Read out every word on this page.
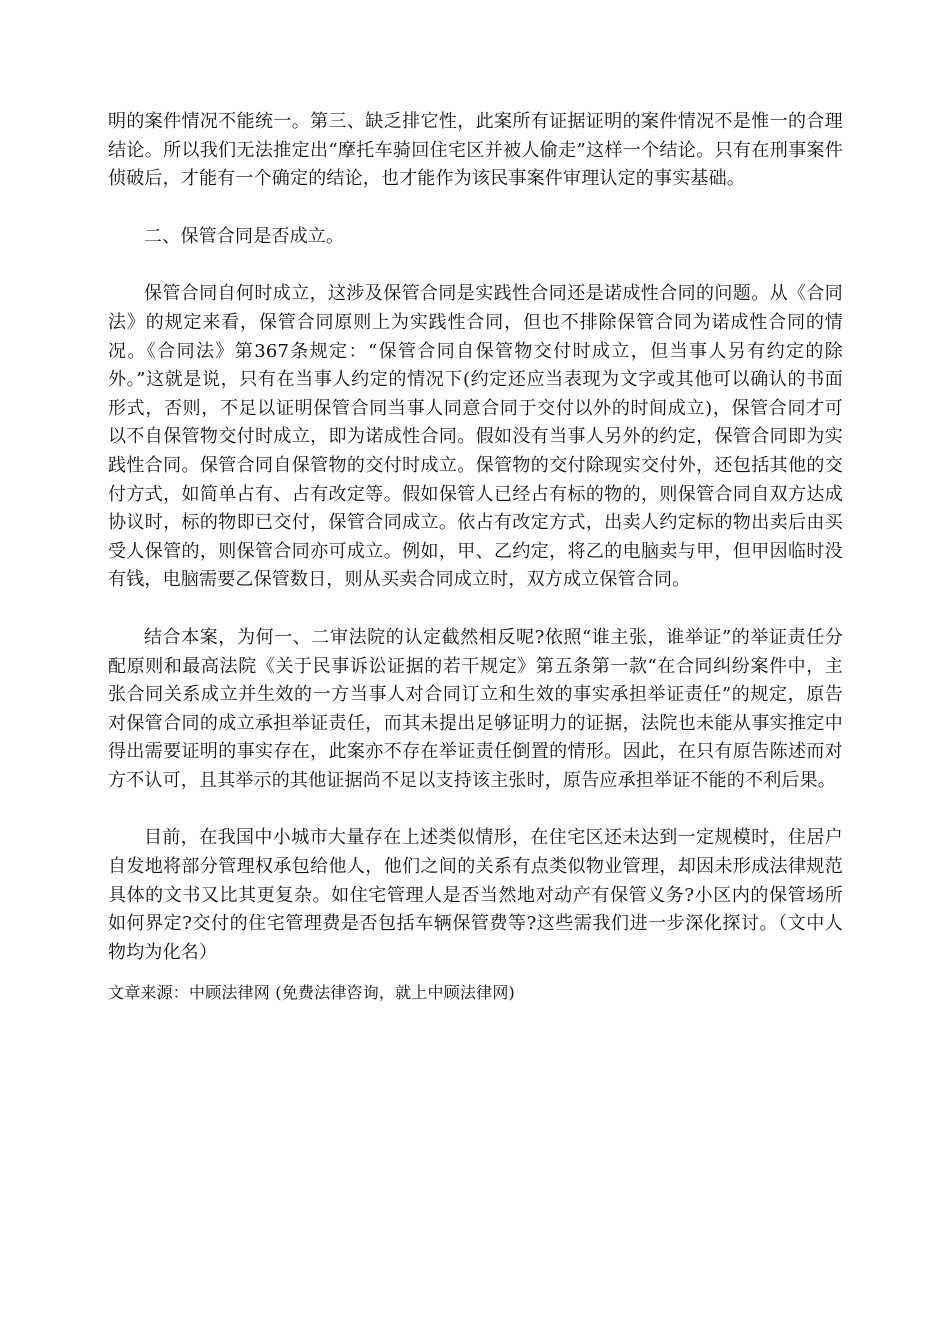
明的案件情况不能统一。第三、缺乏排它性，此案所有证据证明的案件情况不是惟一的合理结论。所以我们无法推定出“摩托车骑回住宅区并被人偷走”这样一个结论。只有在刑事案件侦破后，才能有一个确定的结论，也才能作为该民事案件审理认定的事实基础。

二、保管合同是否成立。

保管合同自何时成立，这涉及保管合同是实践性合同还是诺成性合同的问题。从《合同法》的规定来看，保管合同原则上为实践性合同，但也不排除保管合同为诺成性合同的情况。《合同法》第367条规定：“保管合同自保管物交付时成立，但当事人另有约定的除外。”这就是说，只有在当事人约定的情况下(约定还应当表现为文字或其他可以确认的书面形式，否则，不足以证明保管合同当事人同意合同于交付以外的时间成立)，保管合同才可以不自保管物交付时成立，即为诺成性合同。假如没有当事人另外的约定，保管合同即为实践性合同。保管合同自保管物的交付时成立。保管物的交付除现实交付外，还包括其他的交付方式，如简单占有、占有改定等。假如保管人已经占有标的物的，则保管合同自双方达成协议时，标的物即已交付，保管合同成立。依占有改定方式，出卖人约定标的物出卖后由买受人保管的，则保管合同亦可成立。例如，甲、乙约定，将乙的电脑卖与甲，但甲因临时没有钱，电脑需要乙保管数日，则从买卖合同成立时，双方成立保管合同。

结合本案，为何一、二审法院的认定截然相反呢?依照“谁主张，谁举证”的举证责任分配原则和最高法院《关于民事诉讼证据的若干规定》第五条第一款“在合同纠纷案件中，主张合同关系成立并生效的一方当事人对合同订立和生效的事实承担举证责任”的规定，原告对保管合同的成立承担举证责任，而其未提出足够证明力的证据，法院也未能从事实推定中得出需要证明的事实存在，此案亦不存在举证责任倒置的情形。因此，在只有原告陈述而对方不认可，且其举示的其他证据尚不足以支持该主张时，原告应承担举证不能的不利后果。

目前，在我国中小城市大量存在上述类似情形，在住宅区还未达到一定规模时，住居户自发地将部分管理权承包给他人，他们之间的关系有点类似物业管理，却因未形成法律规范具体的文书又比其更复杂。如住宅管理人是否当然地对动产有保管义务?小区内的保管场所如何界定?交付的住宅管理费是否包括车辆保管费等?这些需我们进一步深化探讨。（文中人物均为化名）

文章来源：中顾法律网 (免费法律咨询，就上中顾法律网)
